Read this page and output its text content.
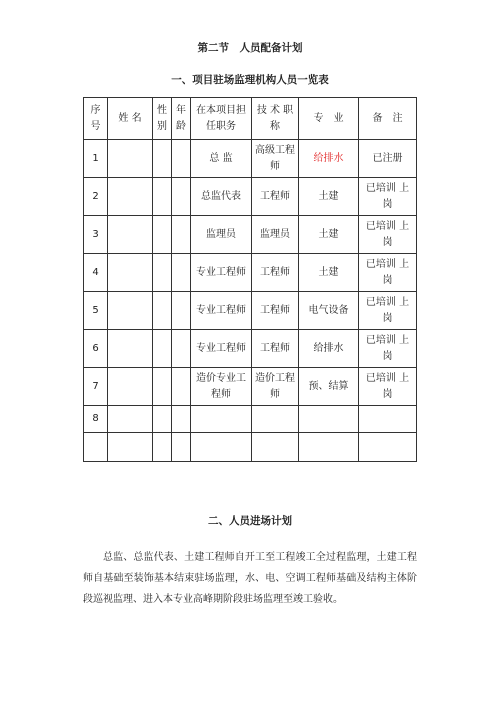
第二节　人员配备计划
一、项目驻场监理机构人员一览表
序号	姓 名	性别	年龄	在本项目担任职务	技 术 职 称	专　业	备　注
1				总 监	高级工程师	给排水	已注册
2				总监代表	工程师	土建	已培训 上岗
3				监理员	监理员	土建	已培训 上岗
4				专业工程师	工程师	土建	已培训 上岗
5				专业工程师	工程师	电气设备	已培训 上岗
6				专业工程师	工程师	给排水	已培训 上岗
7				造价专业工程师	造价工程师	预、结算	已培训 上岗
8							

二、人员进场计划

总监、总监代表、土建工程师自开工至工程竣工全过程监理，土建工程师自基础至装饰基本结束驻场监理，水、电、空调工程师基础及结构主体阶段巡视监理、进入本专业高峰期阶段驻场监理至竣工验收。
